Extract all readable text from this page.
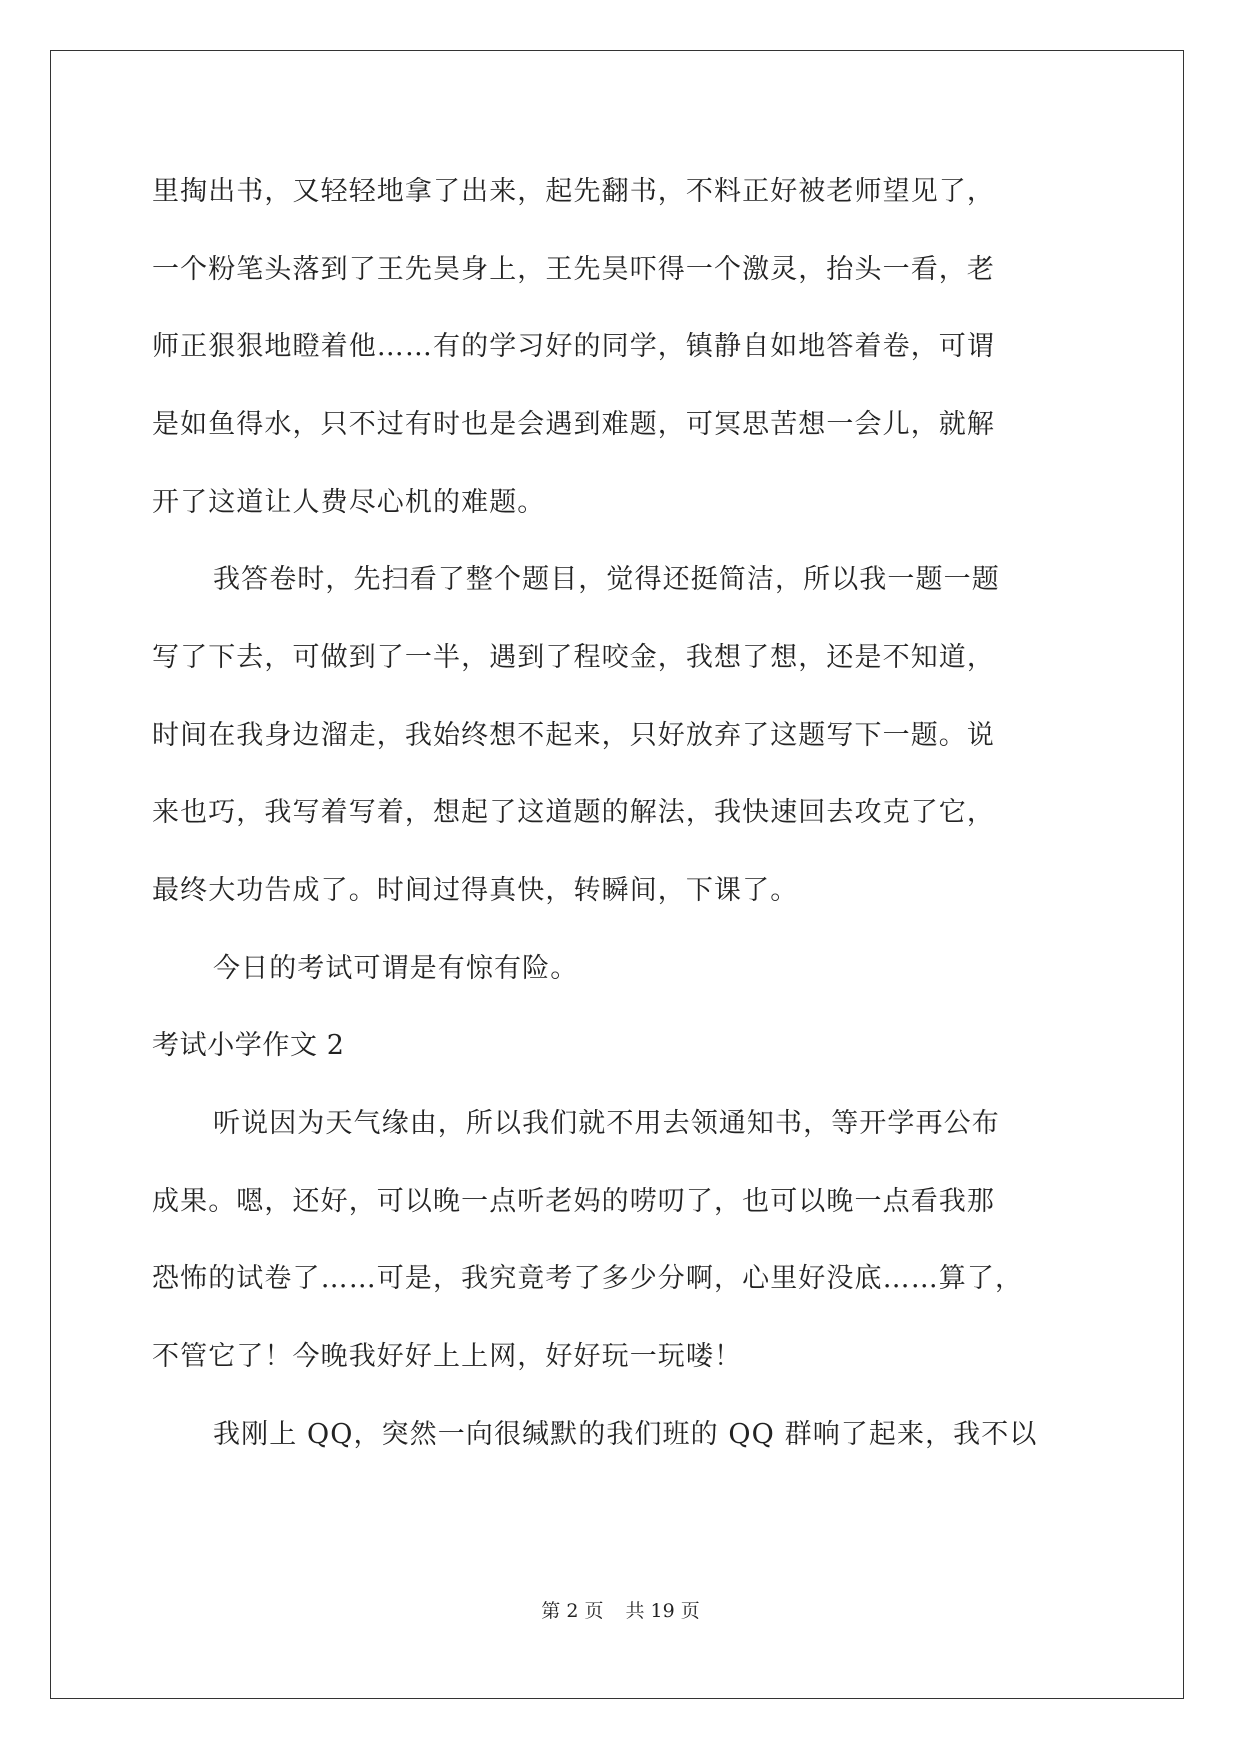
里掏出书，又轻轻地拿了出来，起先翻书，不料正好被老师望见了，
一个粉笔头落到了王先昊身上，王先昊吓得一个激灵，抬头一看，老
师正狠狠地瞪着他……有的学习好的同学，镇静自如地答着卷，可谓
是如鱼得水，只不过有时也是会遇到难题，可冥思苦想一会儿，就解
开了这道让人费尽心机的难题。
我答卷时，先扫看了整个题目，觉得还挺简洁，所以我一题一题
写了下去，可做到了一半，遇到了程咬金，我想了想，还是不知道，
时间在我身边溜走，我始终想不起来，只好放弃了这题写下一题。说
来也巧，我写着写着，想起了这道题的解法，我快速回去攻克了它，
最终大功告成了。时间过得真快，转瞬间，下课了。
今日的考试可谓是有惊有险。
考试小学作文 2
听说因为天气缘由，所以我们就不用去领通知书，等开学再公布
成果。嗯，还好，可以晚一点听老妈的唠叨了，也可以晚一点看我那
恐怖的试卷了……可是，我究竟考了多少分啊，心里好没底……算了，
不管它了！今晚我好好上上网，好好玩一玩喽！
我刚上 QQ，突然一向很缄默的我们班的 QQ 群响了起来，我不以
第 2 页 共 19 页
